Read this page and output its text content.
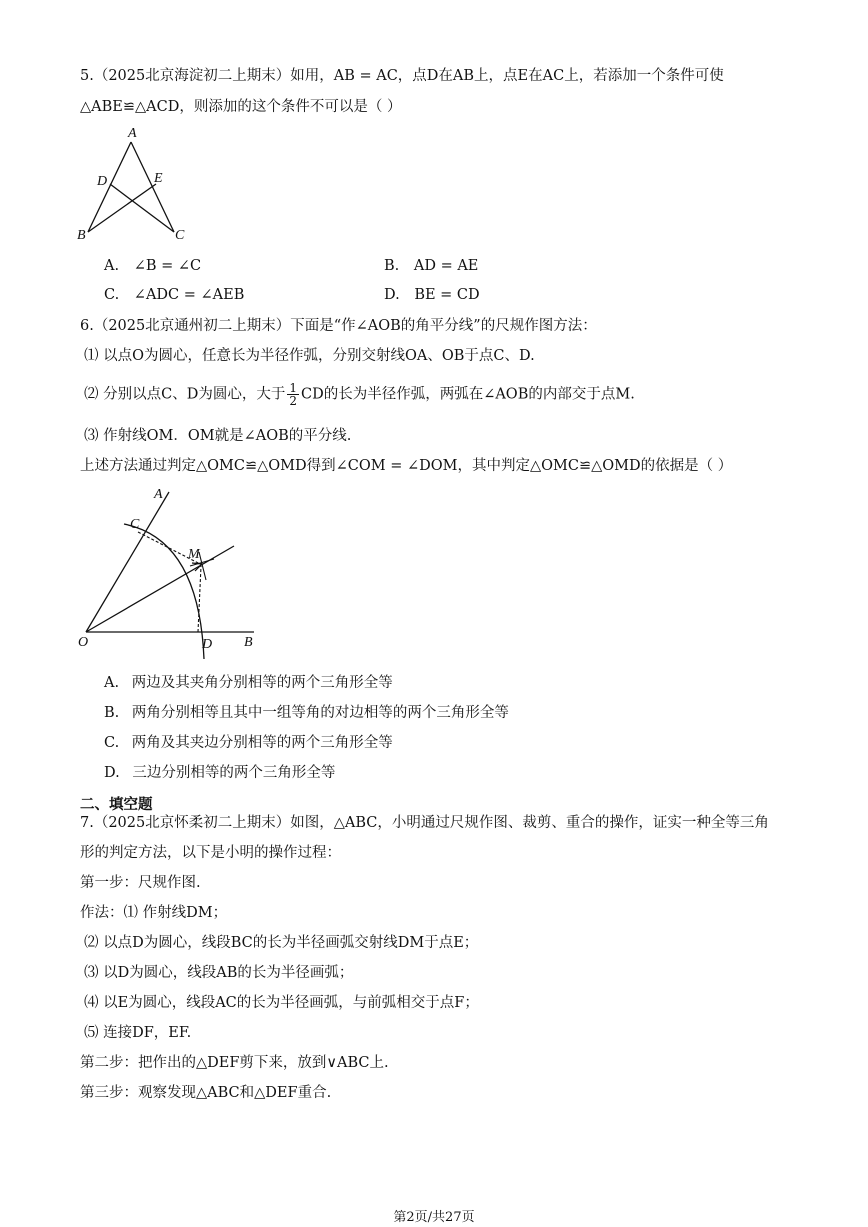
5.（2025北京海淀初二上期末）如用，AB = AC，点D在AB上，点E在AC上，若添加一个条件可使
△ABE≌△ACD，则添加的这个条件不可以是（ ）
A
D	E
B	C
A. ∠B = ∠C	B. AD = AE
C. ∠ADC = ∠AEB	D. BE = CD
6.（2025北京通州初二上期末）下面是“作∠AOB的角平分线”的尺规作图方法：
⑴ 以点O为圆心，任意长为半径作弧，分别交射线OA、OB于点C、D.
⑵ 分别以点C、D为圆心，大于 $\frac{1}{2}$ CD的长为半径作弧，两弧在∠AOB的内部交于点M.
⑶ 作射线OM．OM就是∠AOB的平分线.
上述方法通过判定△OMC≌△OMD得到∠COM = ∠DOM，其中判定△OMC≌△OMD的依据是（ ）
A
C
M
O	D B
A. 两边及其夹角分别相等的两个三角形全等
B. 两角分别相等且其中一组等角的对边相等的两个三角形全等
C. 两角及其夹边分别相等的两个三角形全等
D. 三边分别相等的两个三角形全等
二、填空题
7.（2025北京怀柔初二上期末）如图，△ABC，小明通过尺规作图、裁剪、重合的操作，证实一种全等三角
形的判定方法，以下是小明的操作过程：
第一步：尺规作图.
作法：⑴ 作射线DM；
⑵ 以点D为圆心，线段BC的长为半径画弧交射线DM于点E；
⑶ 以D为圆心，线段AB的长为半径画弧；
⑷ 以E为圆心，线段AC的长为半径画弧，与前弧相交于点F；
⑸ 连接DF，EF.
第二步：把作出的△DEF剪下来，放到∨ABC上.
第三步：观察发现△ABC和△DEF重合.
第2页/共27页
